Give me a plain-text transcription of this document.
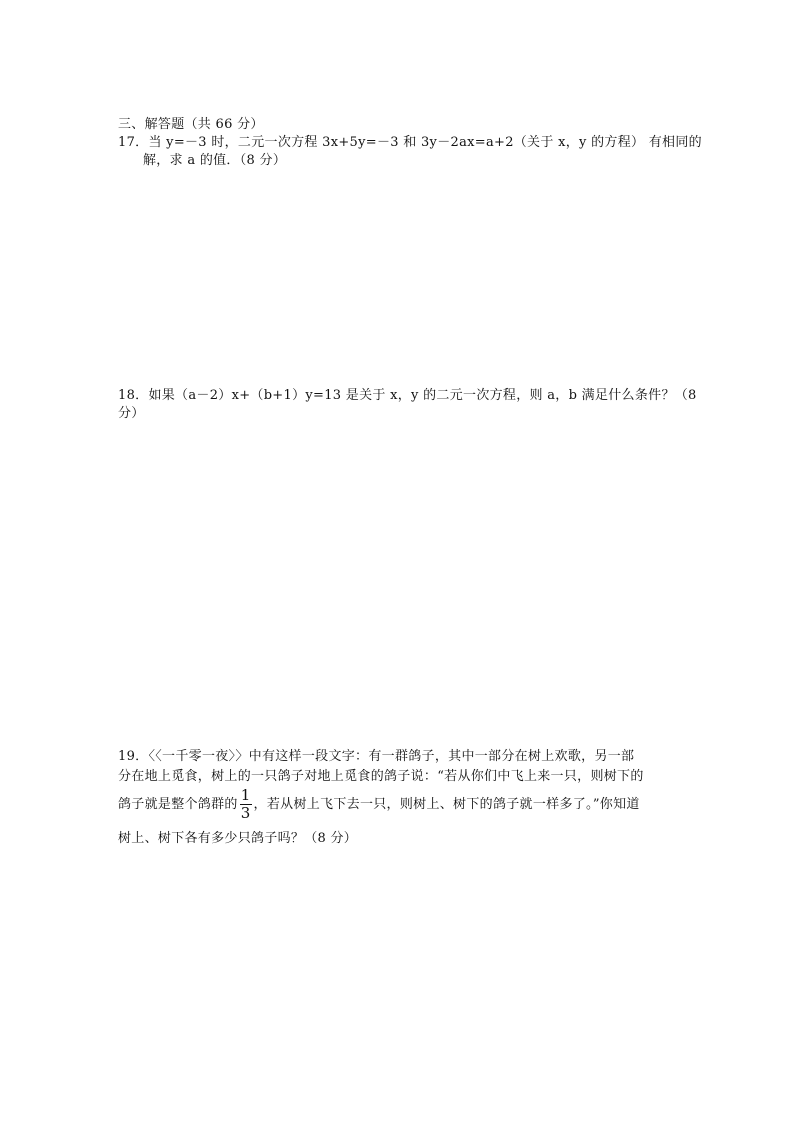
三、解答题（共 66 分）
17．当 y=－3 时，二元一次方程 3x+5y=－3 和 3y－2ax=a+2（关于 x，y 的方程） 有相同的
解，求 a 的值．（8 分）
18．如果（a－2）x+（b+1）y=13 是关于 x，y 的二元一次方程，则 a，b 满足什么条件？（8
分）
19．〈〈一千零一夜〉〉中有这样一段文字：有一群鸽子，其中一部分在树上欢歌，另一部
分在地上觅食，树上的一只鸽子对地上觅食的鸽子说：“若从你们中飞上来一只，则树下的
鸽子就是整个鸽群的 $\frac{1}{3}$ ，若从树上飞下去一只，则树上、树下的鸽子就一样多了。”你知道
树上、树下各有多少只鸽子吗？（8 分）
